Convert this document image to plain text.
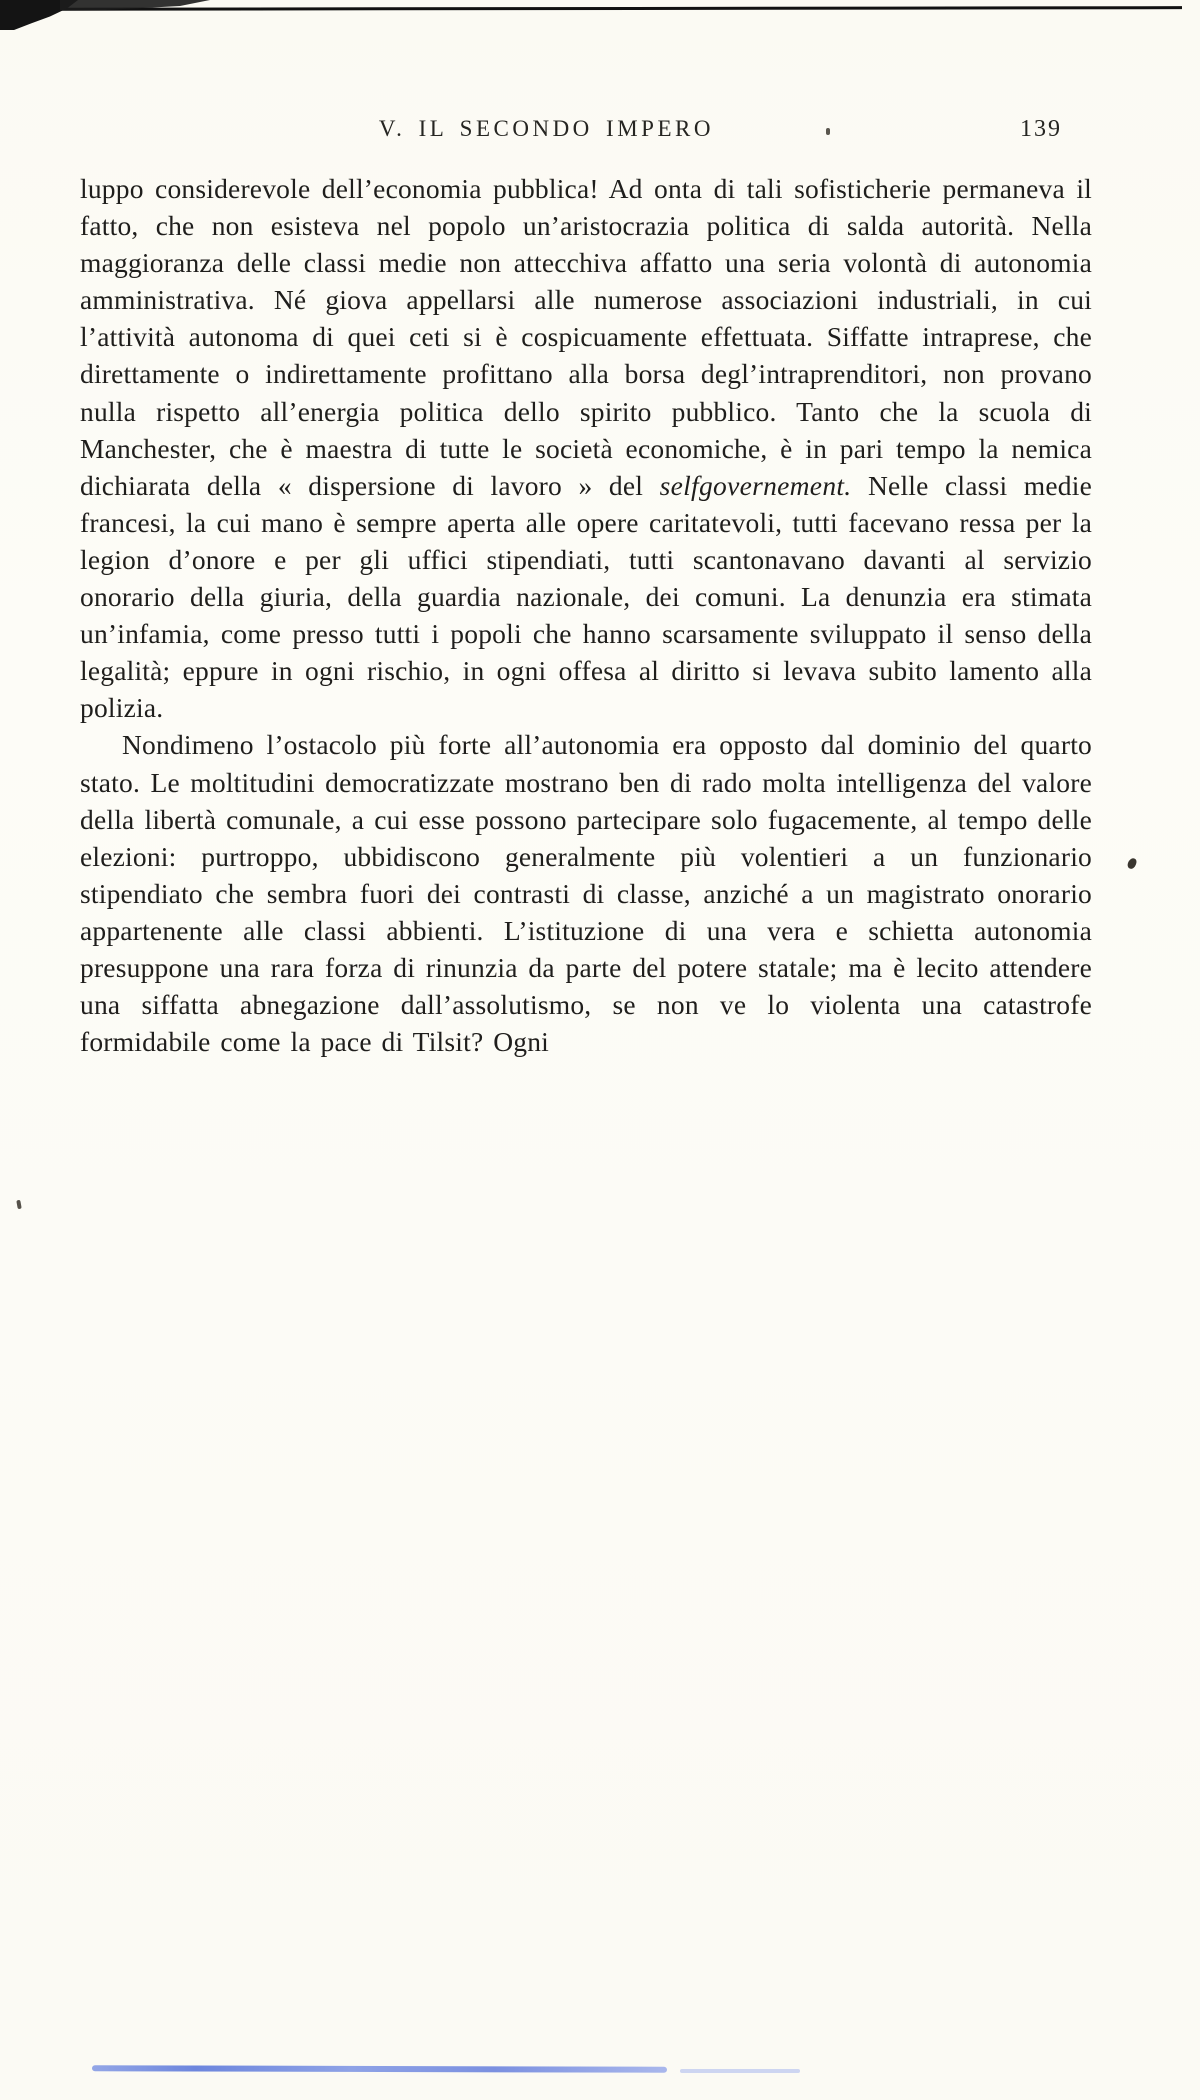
V. IL SECONDO IMPERO	139

luppo considerevole dell’economia pubblica! Ad onta di tali sofisticherie permaneva il fatto, che non esisteva nel popolo un’aristocrazia politica di salda autorità. Nella maggioranza delle classi medie non attecchiva affatto una seria volontà di autonomia amministrativa. Né giova appellarsi alle numerose associazioni industriali, in cui l’attività autonoma di quei ceti si è cospicuamente effettuata. Siffatte intraprese, che direttamente o indirettamente profittano alla borsa degl’intraprenditori, non provano nulla rispetto all’energia politica dello spirito pubblico. Tanto che la scuola di Manchester, che è maestra di tutte le società economiche, è in pari tempo la nemica dichiarata della « dispersione di lavoro » del selfgovernement. Nelle classi medie francesi, la cui mano è sempre aperta alle opere caritatevoli, tutti facevano ressa per la legion d’onore e per gli uffici stipendiati, tutti scantonavano davanti al servizio onorario della giuria, della guardia nazionale, dei comuni. La denunzia era stimata un’infamia, come presso tutti i popoli che hanno scarsamente sviluppato il senso della legalità; eppure in ogni rischio, in ogni offesa al diritto si levava subito lamento alla polizia.

Nondimeno l’ostacolo più forte all’autonomia era opposto dal dominio del quarto stato. Le moltitudini democratizzate mostrano ben di rado molta intelligenza del valore della libertà comunale, a cui esse possono partecipare solo fugacemente, al tempo delle elezioni: purtroppo, ubbidiscono generalmente più volentieri a un funzionario stipendiato che sembra fuori dei contrasti di classe, anziché a un magistrato onorario appartenente alle classi abbienti. L’istituzione di una vera e schietta autonomia presuppone una rara forza di rinunzia da parte del potere statale; ma è lecito attendere una siffatta abnegazione dall’assolutismo, se non ve lo violenta una catastrofe formidabile come la pace di Tilsit? Ogni
